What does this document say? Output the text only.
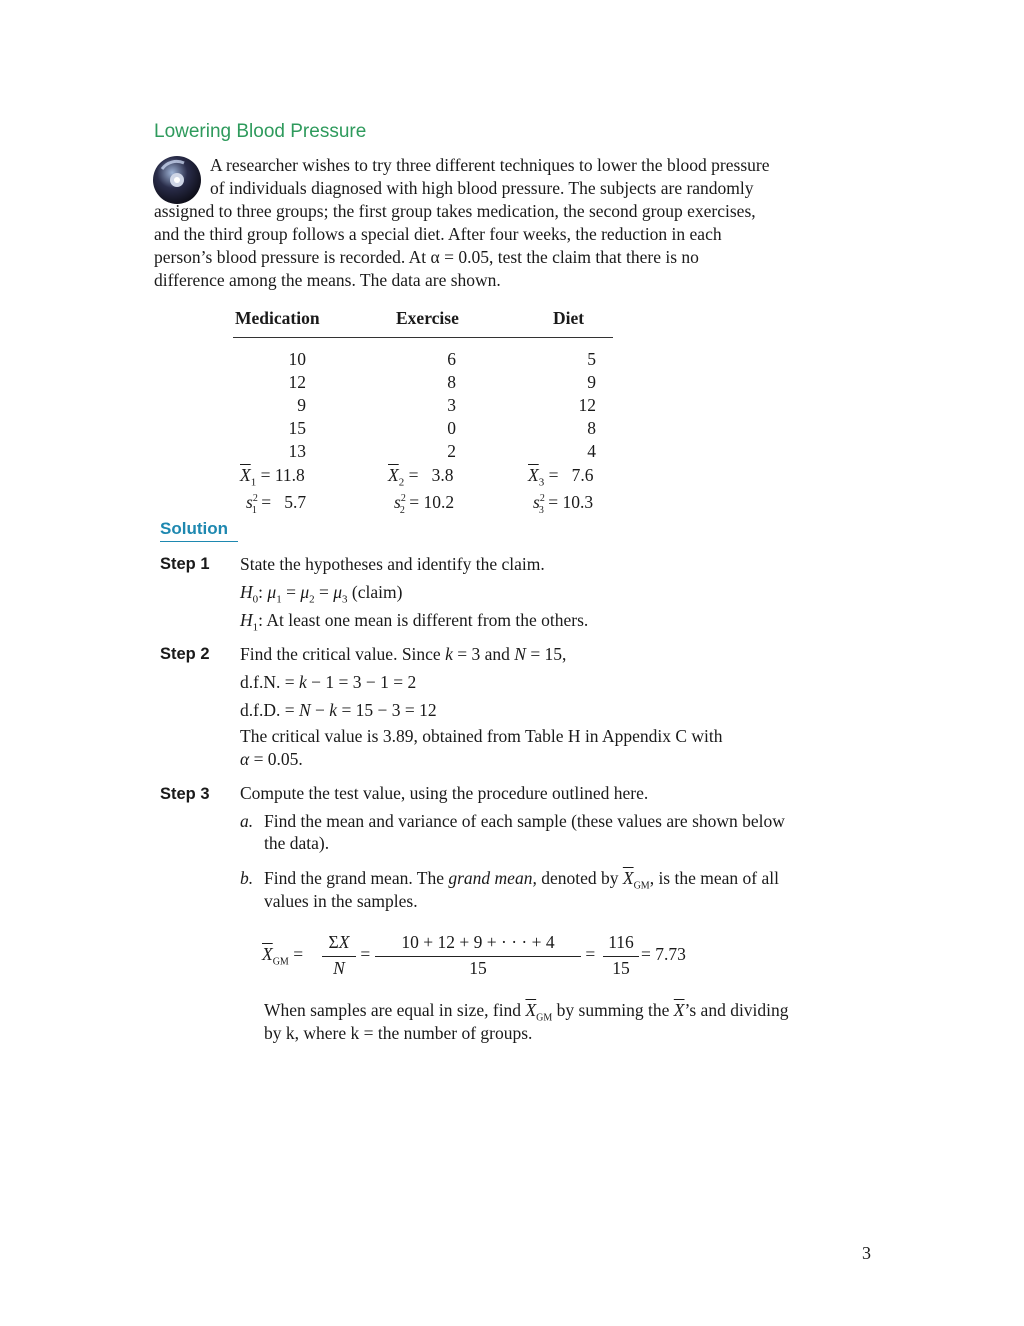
Lowering Blood Pressure
A researcher wishes to try three different techniques to lower the blood pressure
of individuals diagnosed with high blood pressure. The subjects are randomly
assigned to three groups; the first group takes medication, the second group exercises,
and the third group follows a special diet. After four weeks, the reduction in each
person’s blood pressure is recorded. At α = 0.05, test the claim that there is no
difference among the means. The data are shown.
Medication	Exercise	Diet
10	6	5
12	8	9
9	3	12
15	0	8
13	2	4
$\overline{X}_1 = 11.8$	$\overline{X}_2 = 3.8$	$\overline{X}_3 = 7.6$
$s^2_1 = 5.7$	$s^2_2 = 10.2$	$s^2_3 = 10.3$
Solution
Step 1 State the hypotheses and identify the claim.
$H_0$: $\mu_1 = \mu_2 = \mu_3$ (claim)
$H_1$: At least one mean is different from the others.
Step 2 Find the critical value. Since k = 3 and N = 15,
d.f.N. = k − 1 = 3 − 1 = 2
d.f.D. = N − k = 15 − 3 = 12
The critical value is 3.89, obtained from Table H in Appendix C with
α = 0.05.
Step 3 Compute the test value, using the procedure outlined here.
a. Find the mean and variance of each sample (these values are shown below
the data).
b. Find the grand mean. The grand mean, denoted by $\overline{X}_{GM}$, is the mean of all
values in the samples.
$\overline{X}_{GM}$ =
ΣX
N
=
10 + 12 + 9 + · · · + 4
15
=
116
15
= 7.73
When samples are equal in size, find $\overline{X}_{GM}$ by summing the $\overline{X}’s$ and dividing
by k, where k = the number of groups.
3
